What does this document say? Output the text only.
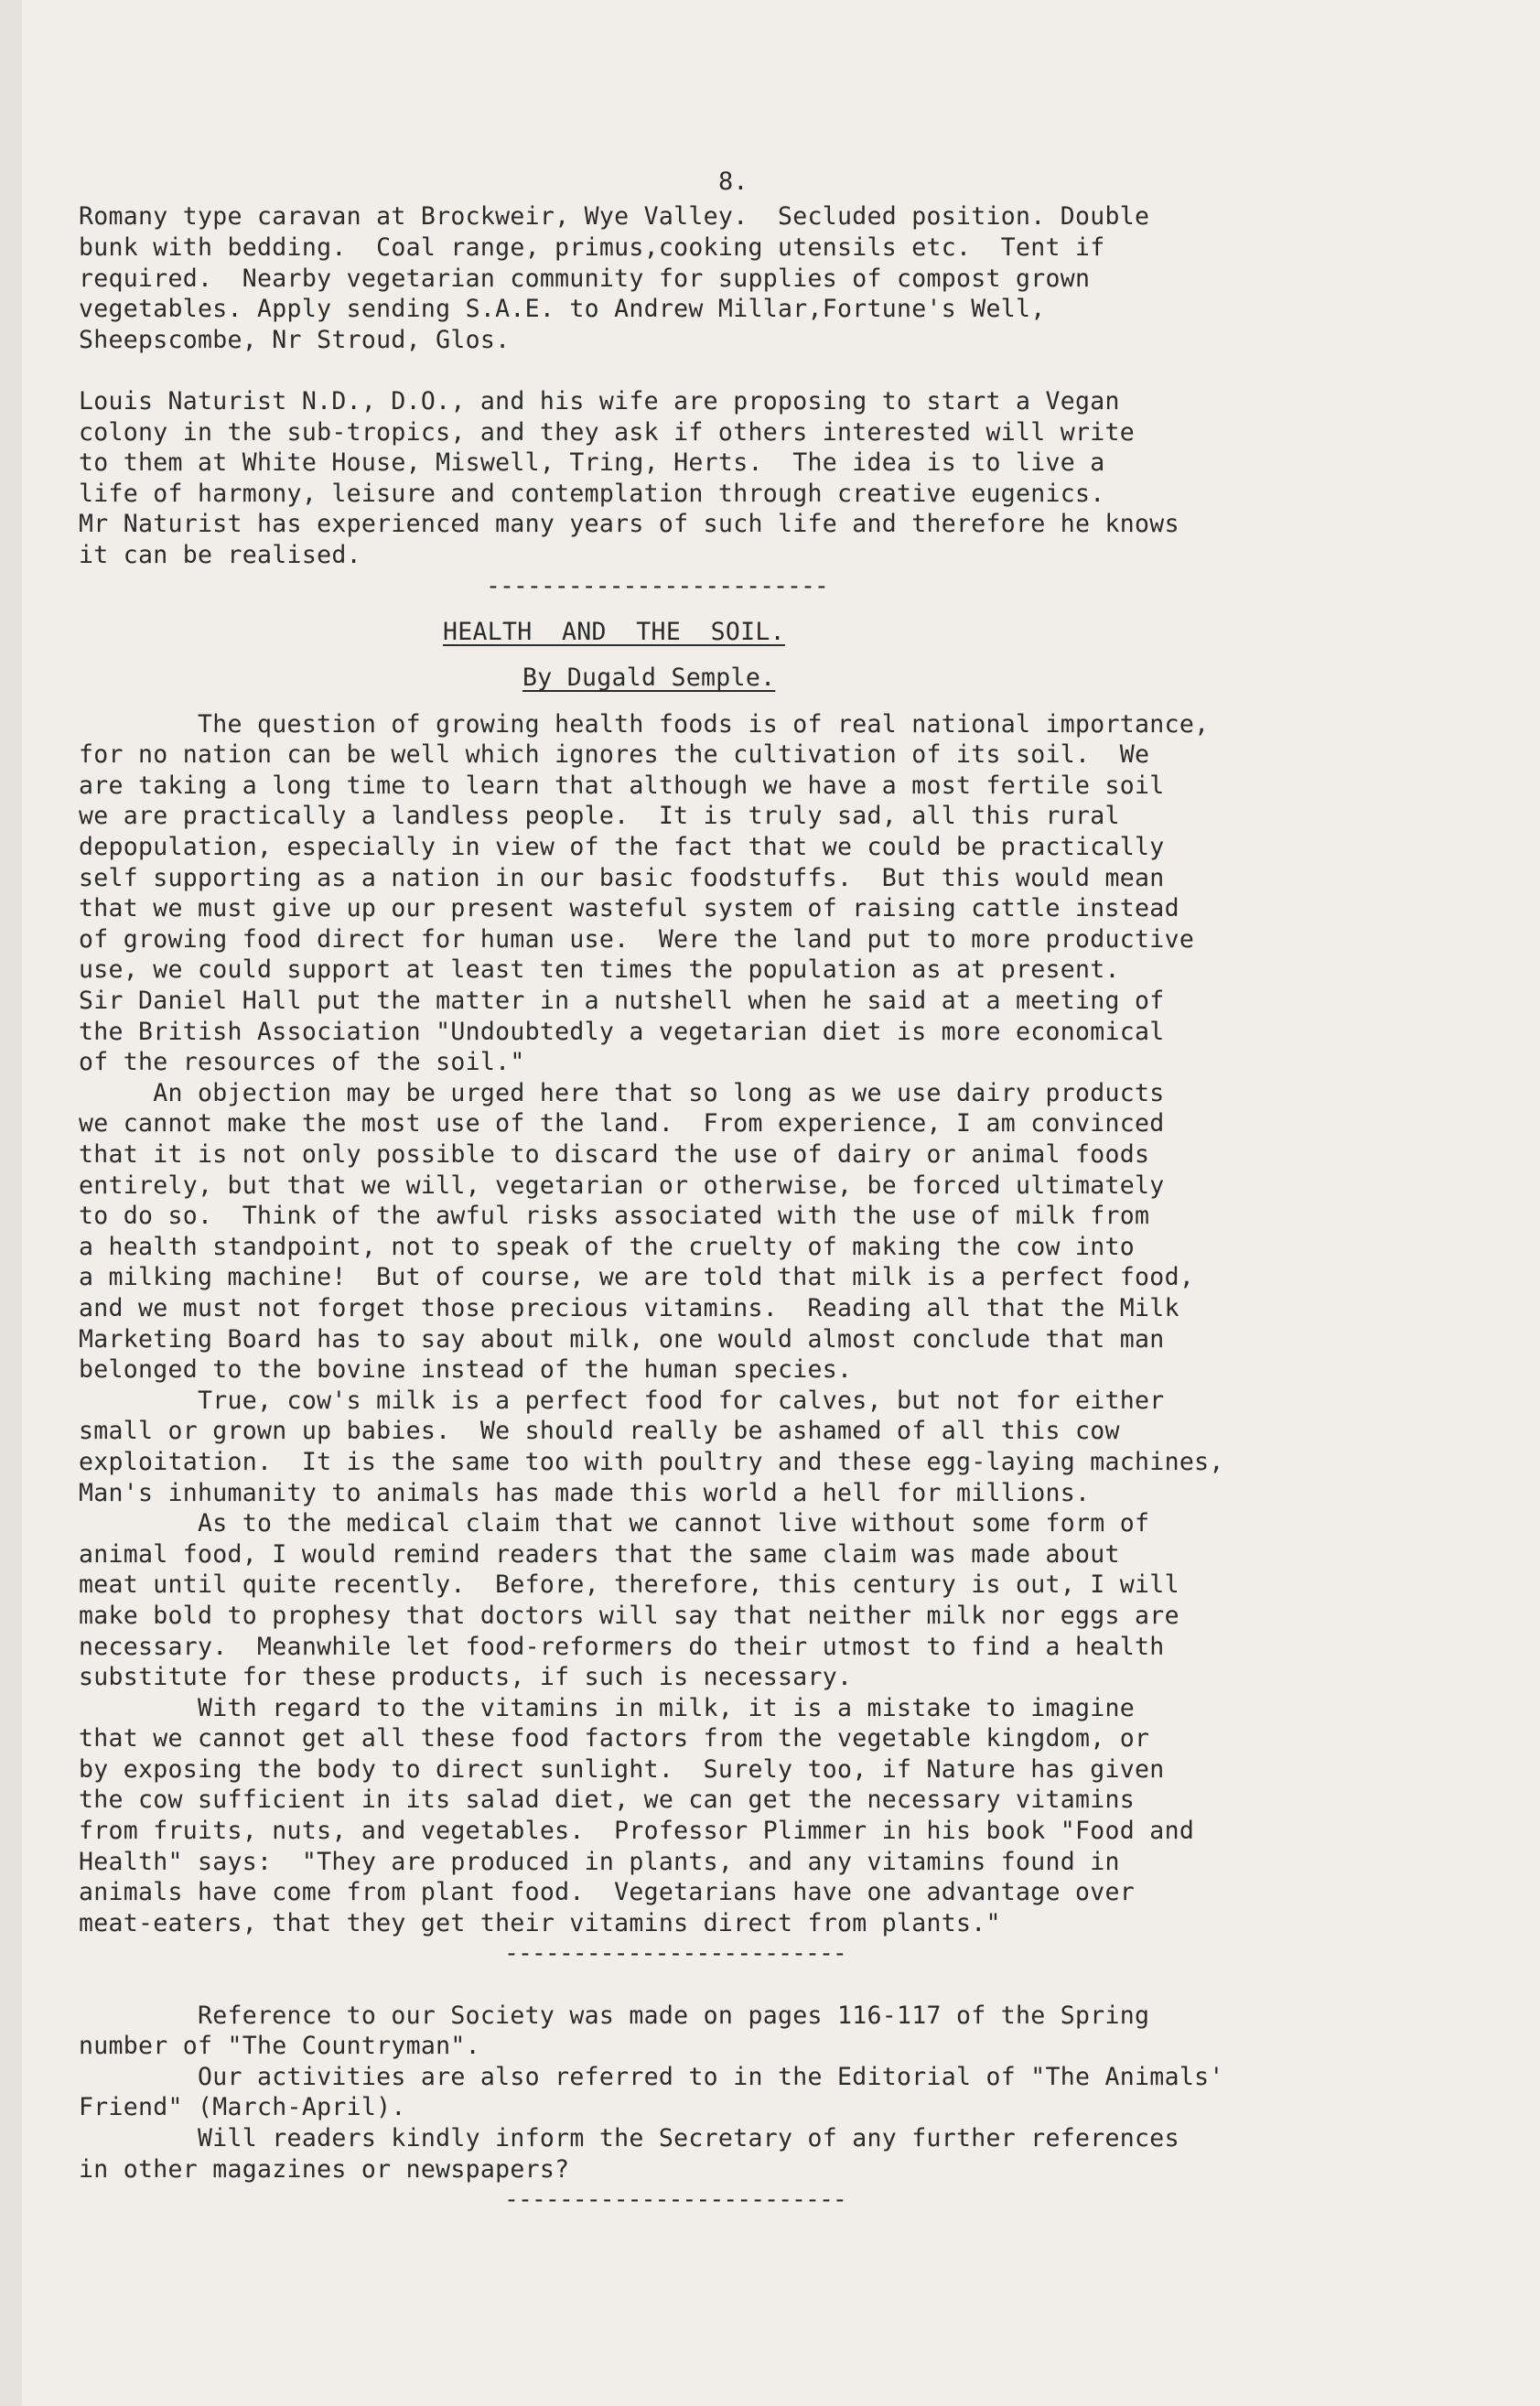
8.
Romany type caravan at Brockweir, Wye Valley.  Secluded position. Double
bunk with bedding.  Coal range, primus,cooking utensils etc.  Tent if
required.  Nearby vegetarian community for supplies of compost grown
vegetables. Apply sending S.A.E. to Andrew Millar,Fortune's Well,
Sheepscombe, Nr Stroud, Glos.
Louis Naturist N.D., D.O., and his wife are proposing to start a Vegan
colony in the sub-tropics, and they ask if others interested will write
to them at White House, Miswell, Tring, Herts.  The idea is to live a
life of harmony, leisure and contemplation through creative eugenics.
Mr Naturist has experienced many years of such life and therefore he knows
it can be realised.
-------------------------
HEALTH  AND  THE  SOIL.
By Dugald Semple.
The question of growing health foods is of real national importance,
for no nation can be well which ignores the cultivation of its soil.  We
are taking a long time to learn that although we have a most fertile soil
we are practically a landless people.  It is truly sad, all this rural
depopulation, especially in view of the fact that we could be practically
self supporting as a nation in our basic foodstuffs.  But this would mean
that we must give up our present wasteful system of raising cattle instead
of growing food direct for human use.  Were the land put to more productive
use, we could support at least ten times the population as at present.
Sir Daniel Hall put the matter in a nutshell when he said at a meeting of
the British Association "Undoubtedly a vegetarian diet is more economical
of the resources of the soil."
An objection may be urged here that so long as we use dairy products
we cannot make the most use of the land.  From experience, I am convinced
that it is not only possible to discard the use of dairy or animal foods
entirely, but that we will, vegetarian or otherwise, be forced ultimately
to do so.  Think of the awful risks associated with the use of milk from
a health standpoint, not to speak of the cruelty of making the cow into
a milking machine!  But of course, we are told that milk is a perfect food,
and we must not forget those precious vitamins.  Reading all that the Milk
Marketing Board has to say about milk, one would almost conclude that man
belonged to the bovine instead of the human species.
True, cow's milk is a perfect food for calves, but not for either
small or grown up babies.  We should really be ashamed of all this cow
exploitation.  It is the same too with poultry and these egg-laying machines,
Man's inhumanity to animals has made this world a hell for millions.
As to the medical claim that we cannot live without some form of
animal food, I would remind readers that the same claim was made about
meat until quite recently.  Before, therefore, this century is out, I will
make bold to prophesy that doctors will say that neither milk nor eggs are
necessary.  Meanwhile let food-reformers do their utmost to find a health
substitute for these products, if such is necessary.
With regard to the vitamins in milk, it is a mistake to imagine
that we cannot get all these food factors from the vegetable kingdom, or
by exposing the body to direct sunlight.  Surely too, if Nature has given
the cow sufficient in its salad diet, we can get the necessary vitamins
from fruits, nuts, and vegetables.  Professor Plimmer in his book "Food and
Health" says:  "They are produced in plants, and any vitamins found in
animals have come from plant food.  Vegetarians have one advantage over
meat-eaters, that they get their vitamins direct from plants."
-------------------------
Reference to our Society was made on pages 116-117 of the Spring
number of "The Countryman".
Our activities are also referred to in the Editorial of "The Animals'
Friend" (March-April).
Will readers kindly inform the Secretary of any further references
in other magazines or newspapers?
-------------------------
